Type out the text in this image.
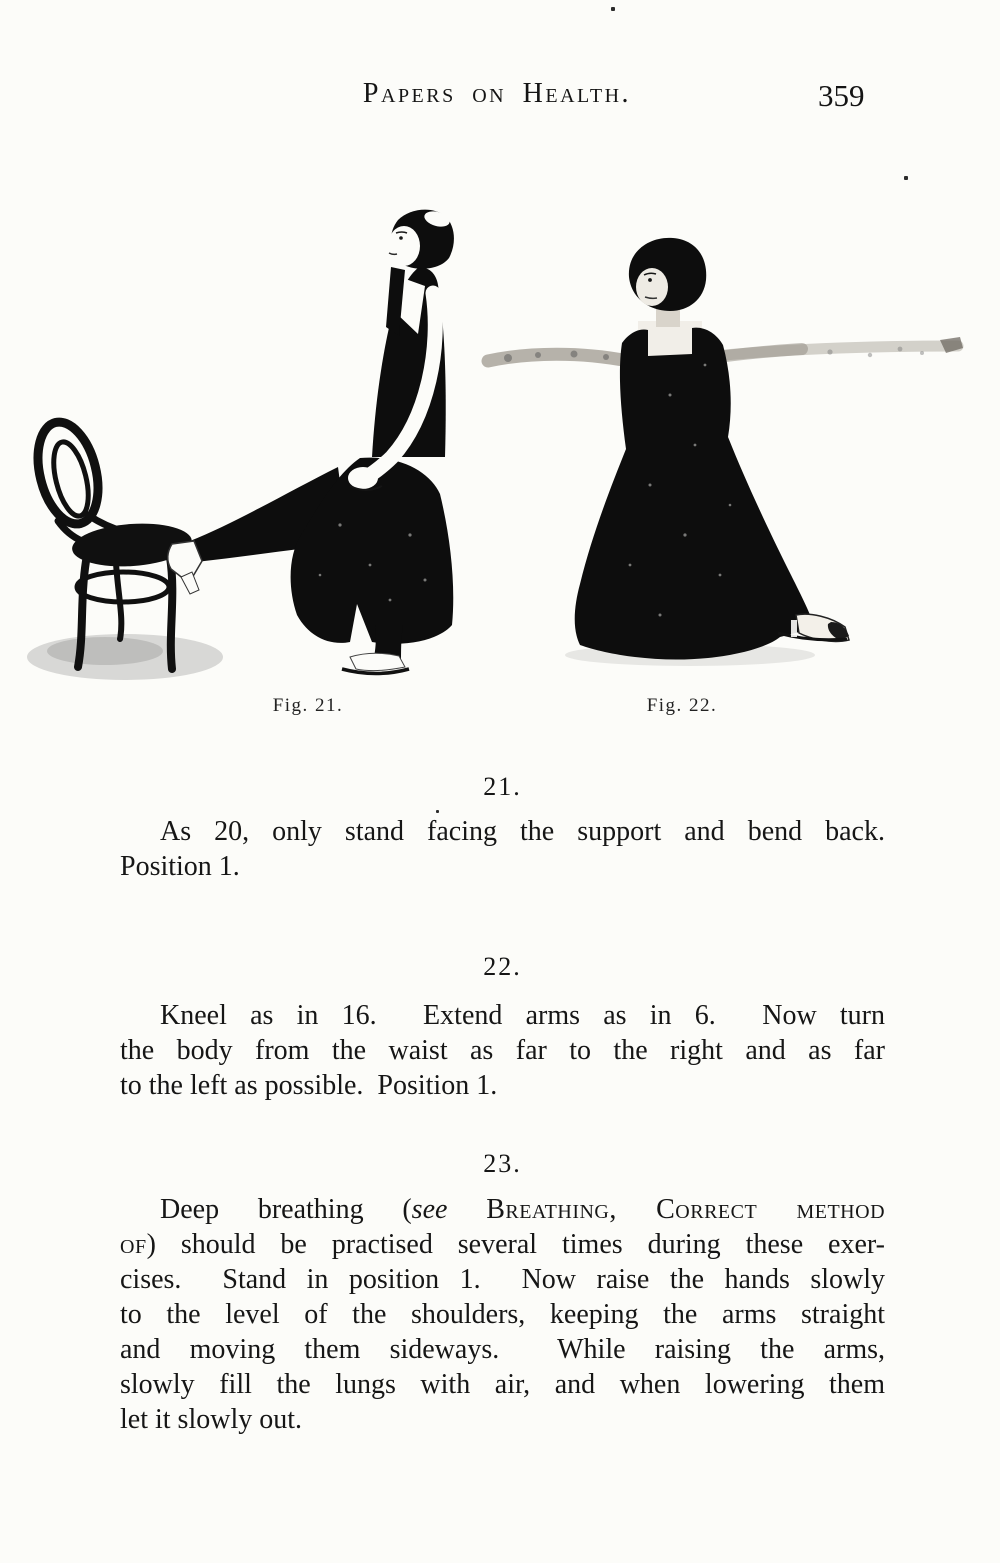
Papers on Health.	359
Fig. 21.	Fig. 22.
21.
As 20, only stand facing the support and bend back.
Position 1.
22.
Kneel as in 16.  Extend arms as in 6.  Now turn
the body from the waist as far to the right and as far
to the left as possible.  Position 1.
23.
Deep breathing (see Breathing, Correct method
of) should be practised several times during these exer-
cises.  Stand in position 1.  Now raise the hands slowly
to the level of the shoulders, keeping the arms straight
and moving them sideways.  While raising the arms,
slowly fill the lungs with air, and when lowering them
let it slowly out.
